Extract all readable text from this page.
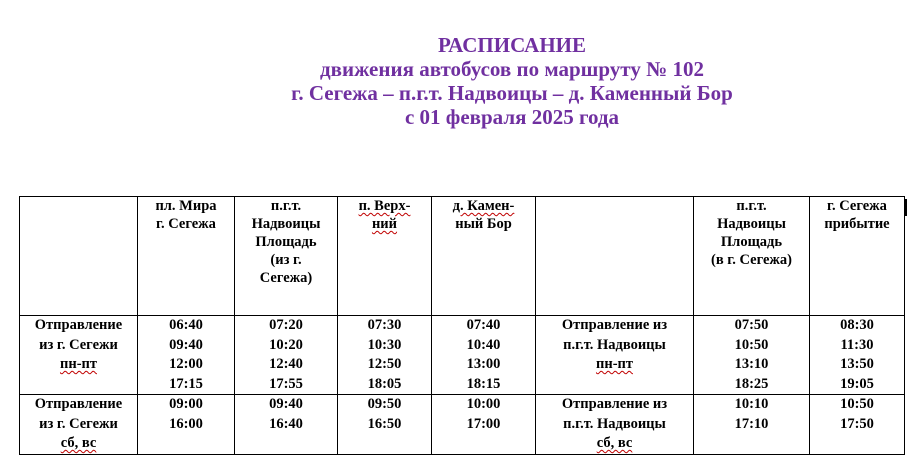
РАСПИСАНИЕ
движения автобусов по маршруту № 102
г. Сегежа – п.г.т. Надвоицы – д. Каменный Бор
с 01 февраля 2025 года

	пл. Мира
г. Сегежа	п.г.т.
Надвоицы
Площадь
(из г.
Сегежа)	п. Верх-
ний	д. Камен-
ный Бор		п.г.т.
Надвоицы
Площадь
(в г. Сегежа)	г. Сегежа
прибытие

Отправление
из г. Сегежи
пн-пт	06:40
09:40
12:00
17:15	07:20
10:20
12:40
17:55	07:30
10:30
12:50
18:05	07:40
10:40
13:00
18:15	Отправление из
п.г.т. Надвоицы
пн-пт	07:50
10:50
13:10
18:25	08:30
11:30
13:50
19:05

Отправление
из г. Сегежи
сб, вс	09:00
16:00	09:40
16:40	09:50
16:50	10:00
17:00	Отправление из
п.г.т. Надвоицы
сб, вс	10:10
17:10	10:50
17:50
